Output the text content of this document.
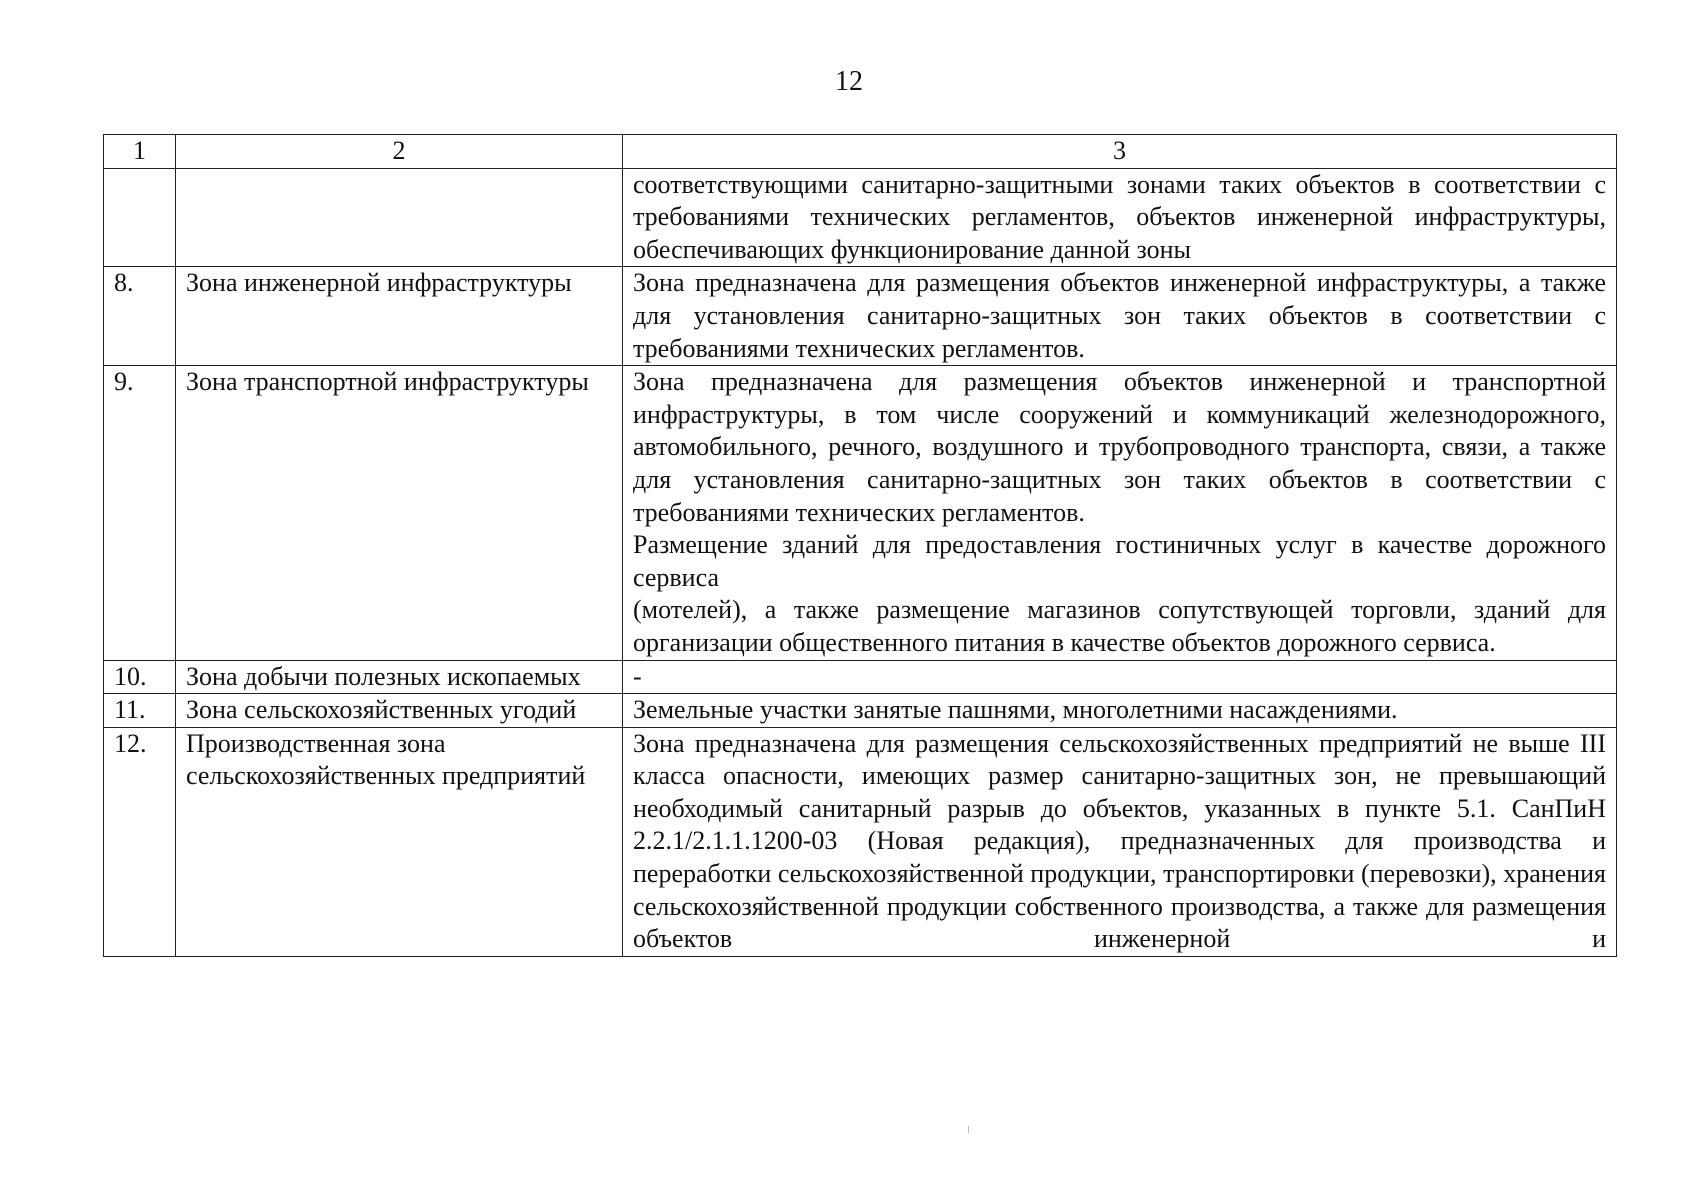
12
1	2	3

		соответствующими санитарно-защитными зонами таких объектов в соответствии с требованиями технических регламентов, объектов инженерной инфраструктуры, обеспечивающих функционирование данной зоны

8.	Зона инженерной инфраструктуры	Зона предназначена для размещения объектов инженерной инфраструктуры, а также для установления санитарно-защитных зон таких объектов в соответствии с требованиями технических регламентов.

9.	Зона транспортной инфраструктуры	Зона предназначена для размещения объектов инженерной и транспортной инфраструктуры, в том числе сооружений и коммуникаций железнодорожного, автомобильного, речного, воздушного и трубопроводного транспорта, связи, а также для установления санитарно-защитных зон таких объектов в соответствии с требованиями технических регламентов.

Размещение зданий для предоставления гостиничных услуг в качестве дорожного сервиса

(мотелей), а также размещение магазинов сопутствующей торговли, зданий для организации общественного питания в качестве объектов дорожного сервиса.

10.	Зона добычи полезных ископаемых	-

11.	Зона сельскохозяйственных угодий	Земельные участки занятые пашнями, многолетними насаждениями.

12.	Производственная зона сельскохозяйственных предприятий	Зона предназначена для размещения сельскохозяйственных предприятий не выше III класса опасности, имеющих размер санитарно-защитных зон, не превышающий необходимый санитарный разрыв до объектов, указанных в пункте 5.1. СанПиН 2.2.1/2.1.1.1200-03 (Новая редакция), предназначенных для производства и переработки сельскохозяйственной продукции, транспортировки (перевозки), хранения сельскохозяйственной продукции собственного производства, а также для размещения объектов инженерной и
